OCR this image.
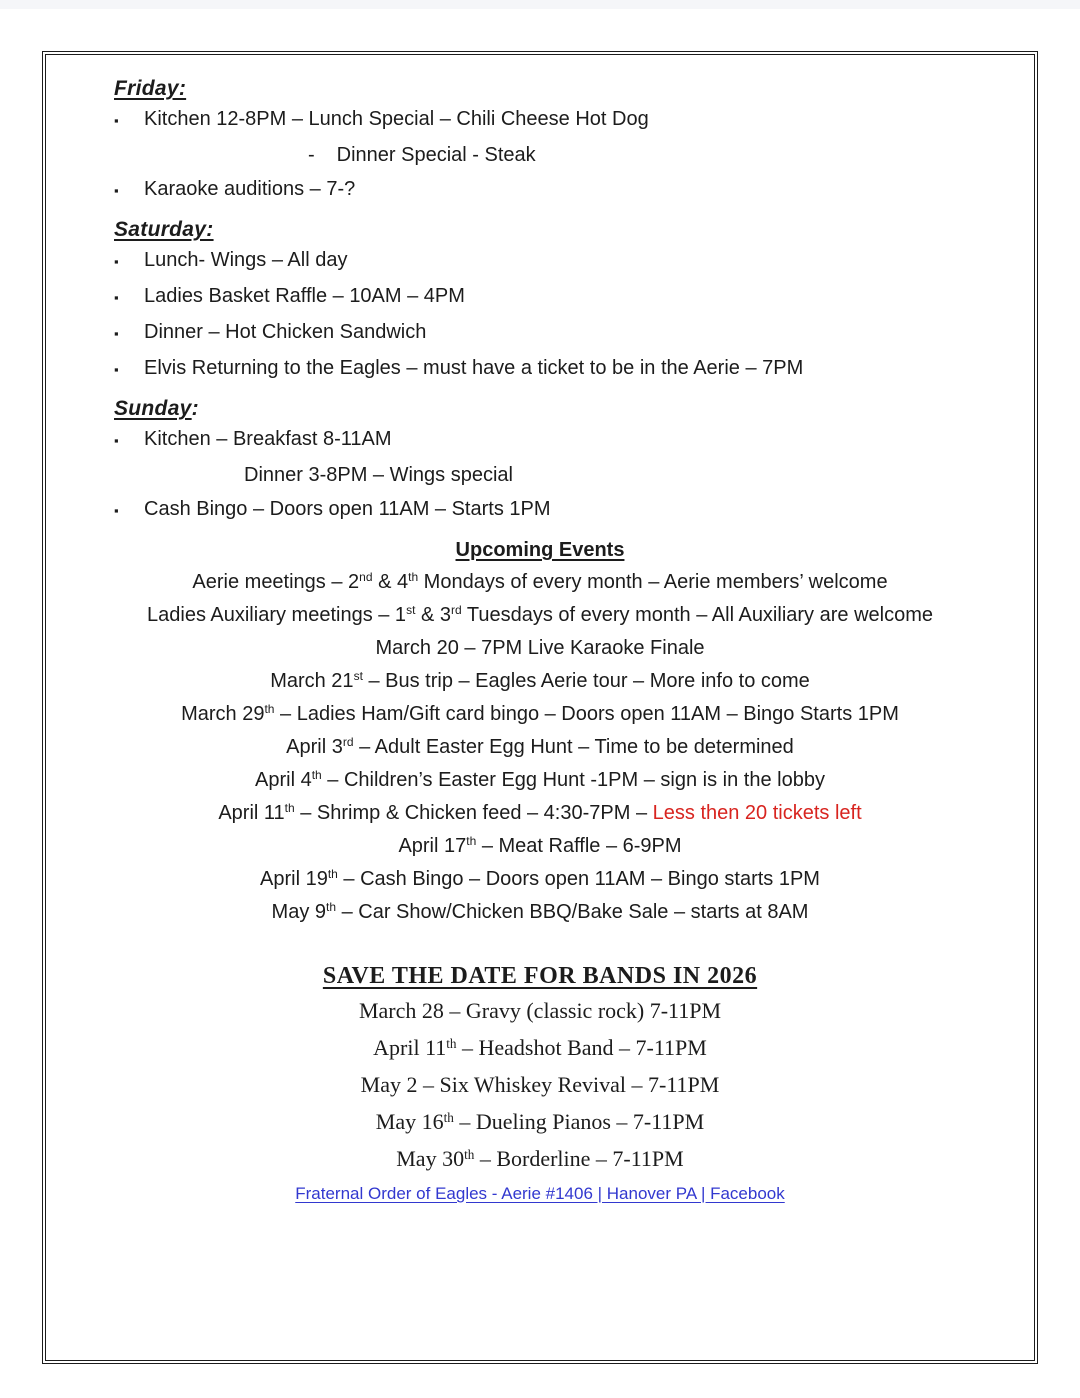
Friday:
▪	Kitchen 12-8PM – Lunch Special – Chili Cheese Hot Dog
- Dinner Special - Steak
▪	Karaoke auditions – 7-?
Saturday:
▪	Lunch- Wings – All day
▪	Ladies Basket Raffle – 10AM – 4PM
▪	Dinner – Hot Chicken Sandwich
▪	Elvis Returning to the Eagles – must have a ticket to be in the Aerie – 7PM
Sunday:
▪	Kitchen – Breakfast 8-11AM
Dinner 3-8PM – Wings special
▪	Cash Bingo – Doors open 11AM – Starts 1PM
Upcoming Events
Aerie meetings – 2nd & 4th Mondays of every month – Aerie members’ welcome
Ladies Auxiliary meetings – 1st & 3rd Tuesdays of every month – All Auxiliary are welcome
March 20 – 7PM Live Karaoke Finale
March 21st – Bus trip – Eagles Aerie tour – More info to come
March 29th – Ladies Ham/Gift card bingo – Doors open 11AM – Bingo Starts 1PM
April 3rd – Adult Easter Egg Hunt – Time to be determined
April 4th – Children’s Easter Egg Hunt -1PM – sign is in the lobby
April 11th – Shrimp & Chicken feed – 4:30-7PM – Less then 20 tickets left
April 17th – Meat Raffle – 6-9PM
April 19th – Cash Bingo – Doors open 11AM – Bingo starts 1PM
May 9th – Car Show/Chicken BBQ/Bake Sale – starts at 8AM
SAVE THE DATE FOR BANDS IN 2026
March 28 – Gravy (classic rock) 7-11PM
April 11th – Headshot Band – 7-11PM
May 2 – Six Whiskey Revival – 7-11PM
May 16th – Dueling Pianos – 7-11PM
May 30th – Borderline – 7-11PM
Fraternal Order of Eagles - Aerie #1406 | Hanover PA | Facebook
